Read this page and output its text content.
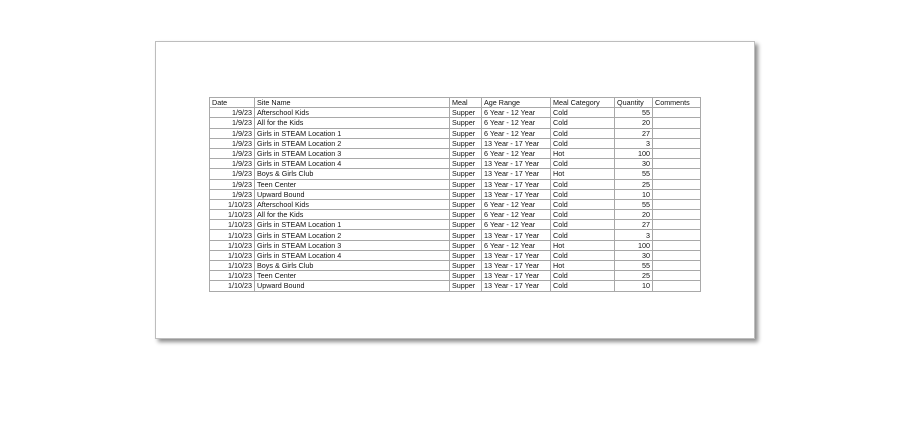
Date	Site Name	Meal	Age Range	Meal Category	Quantity	Comments
1/9/23	Afterschool Kids	Supper	6 Year - 12 Year	Cold	55	
1/9/23	All for the Kids	Supper	6 Year - 12 Year	Cold	20	
1/9/23	Girls in STEAM Location 1	Supper	6 Year - 12 Year	Cold	27	
1/9/23	Girls in STEAM Location 2	Supper	13 Year - 17 Year	Cold	3	
1/9/23	Girls in STEAM Location 3	Supper	6 Year - 12 Year	Hot	100	
1/9/23	Girls in STEAM Location 4	Supper	13 Year - 17 Year	Cold	30	
1/9/23	Boys & Girls Club	Supper	13 Year - 17 Year	Hot	55	
1/9/23	Teen Center	Supper	13 Year - 17 Year	Cold	25	
1/9/23	Upward Bound	Supper	13 Year - 17 Year	Cold	10	
1/10/23	Afterschool Kids	Supper	6 Year - 12 Year	Cold	55	
1/10/23	All for the Kids	Supper	6 Year - 12 Year	Cold	20	
1/10/23	Girls in STEAM Location 1	Supper	6 Year - 12 Year	Cold	27	
1/10/23	Girls in STEAM Location 2	Supper	13 Year - 17 Year	Cold	3	
1/10/23	Girls in STEAM Location 3	Supper	6 Year - 12 Year	Hot	100	
1/10/23	Girls in STEAM Location 4	Supper	13 Year - 17 Year	Cold	30	
1/10/23	Boys & Girls Club	Supper	13 Year - 17 Year	Hot	55	
1/10/23	Teen Center	Supper	13 Year - 17 Year	Cold	25	
1/10/23	Upward Bound	Supper	13 Year - 17 Year	Cold	10	
